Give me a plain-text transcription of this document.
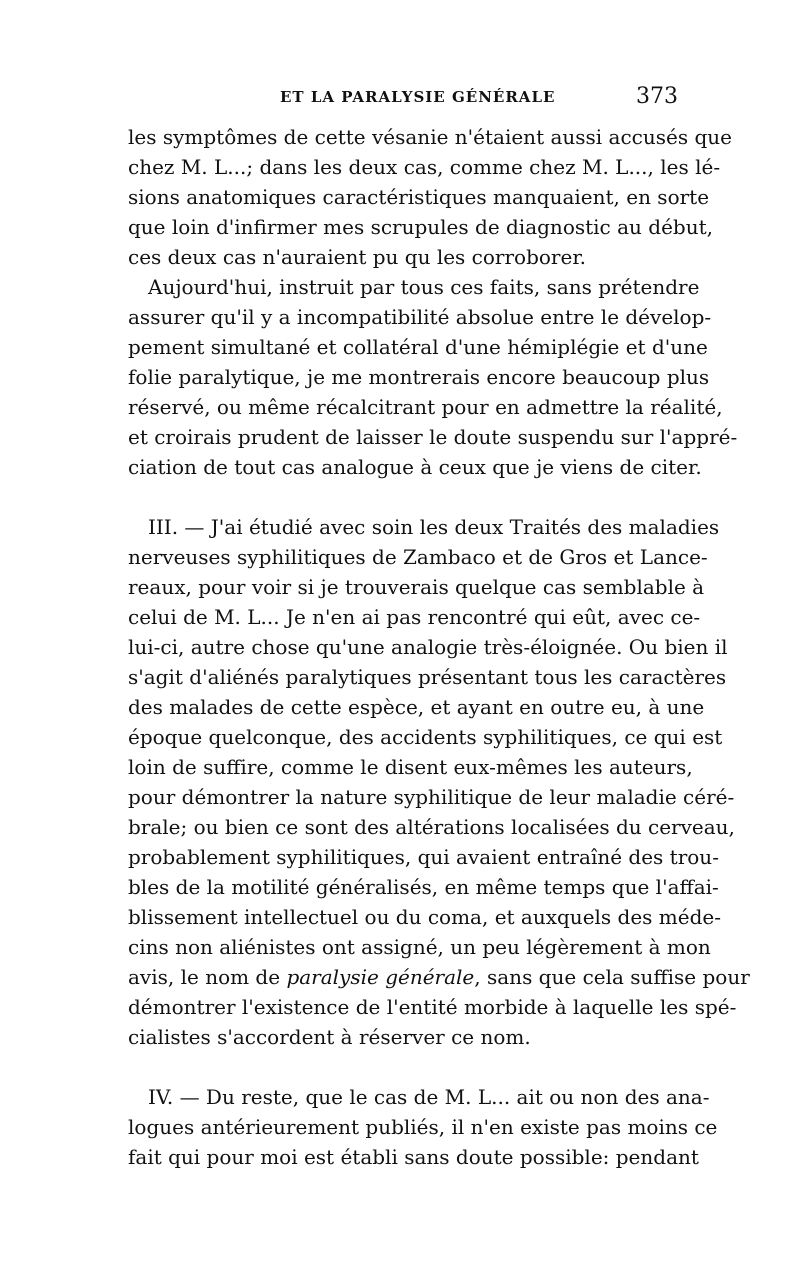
ET LA PARALYSIE GÉNÉRALE	373
les symptômes de cette vésanie n'étaient aussi accusés que
chez M. L...; dans les deux cas, comme chez M. L..., les lé-
sions anatomiques caractéristiques manquaient, en sorte
que loin d'infirmer mes scrupules de diagnostic au début,
ces deux cas n'auraient pu qu les corroborer.
Aujourd'hui, instruit par tous ces faits, sans prétendre
assurer qu'il y a incompatibilité absolue entre le dévelop-
pement simultané et collatéral d'une hémiplégie et d'une
folie paralytique, je me montrerais encore beaucoup plus
réservé, ou même récalcitrant pour en admettre la réalité,
et croirais prudent de laisser le doute suspendu sur l'appré-
ciation de tout cas analogue à ceux que je viens de citer.
III. — J'ai étudié avec soin les deux Traités des maladies
nerveuses syphilitiques de Zambaco et de Gros et Lance-
reaux, pour voir si je trouverais quelque cas semblable à
celui de M. L... Je n'en ai pas rencontré qui eût, avec ce-
lui-ci, autre chose qu'une analogie très-éloignée. Ou bien il
s'agit d'aliénés paralytiques présentant tous les caractères
des malades de cette espèce, et ayant en outre eu, à une
époque quelconque, des accidents syphilitiques, ce qui est
loin de suffire, comme le disent eux-mêmes les auteurs,
pour démontrer la nature syphilitique de leur maladie céré-
brale; ou bien ce sont des altérations localisées du cerveau,
probablement syphilitiques, qui avaient entraîné des trou-
bles de la motilité généralisés, en même temps que l'affai-
blissement intellectuel ou du coma, et auxquels des méde-
cins non aliénistes ont assigné, un peu légèrement à mon
avis, le nom de paralysie générale, sans que cela suffise pour
démontrer l'existence de l'entité morbide à laquelle les spé-
cialistes s'accordent à réserver ce nom.
IV. — Du reste, que le cas de M. L... ait ou non des ana-
logues antérieurement publiés, il n'en existe pas moins ce
fait qui pour moi est établi sans doute possible: pendant
